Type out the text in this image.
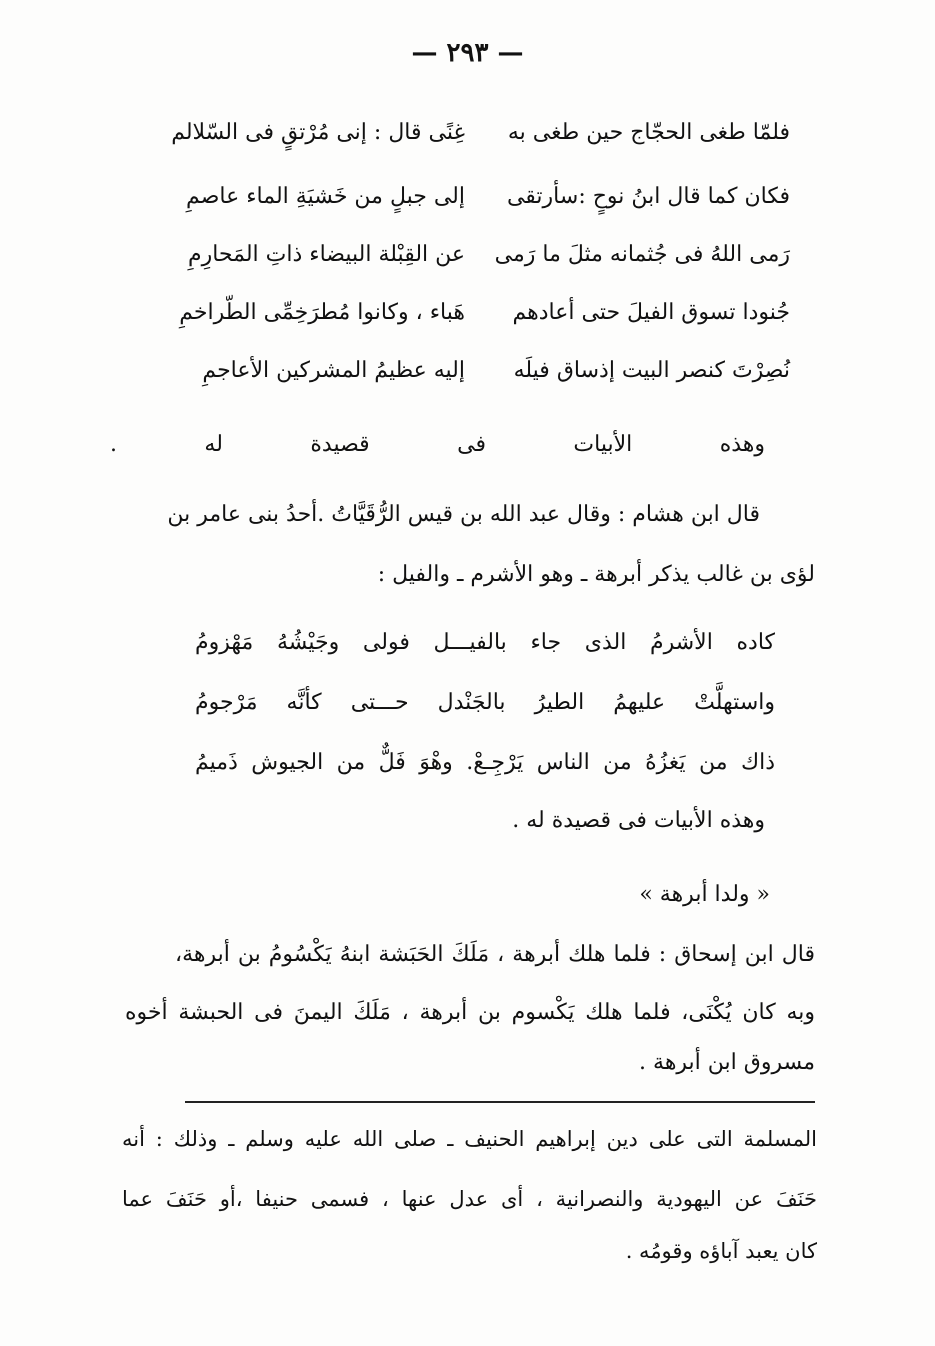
— ٢٩٣ —
فلمّا طغى الحجّاج حين طغى به
غِنًى قال : إنى مُرْتقٍ فى السّلالم
فكان كما قال ابنُ نوحٍ :سأرتقى
إلى جبلٍ من خَشيَةِ الماء عاصمِ
رَمى اللهُ فى جُثمانه مثلَ ما رَمى
عن القِبْلة البيضاء ذاتِ المَحارِمِ
جُنودا تسوق الفيلَ حتى أعادهم
هَباء ، وكانوا مُطرَخِمِّى الطّراخمِ
نُصِرْتَ كنصر البيت إذساق فيلَه
إليه عظيمُ المشركين الأعاجمِ
وهذه الأبيات فى قصيدة له .
قال ابن هشام : وقال عبد الله بن قيس الرُّقَيَّاتُ .أحدُ بنى عامر بن
لؤى بن غالب يذكر أبرهة ـ وهو الأشرم ـ والفيل :
كاده الأشرمُ الذى جاء بالفيـــل فولى وجَيْشُهُ مَهْزومُ
واستهلَّتْ عليهمُ الطيرُ بالجَنْدل حـــتى كأنَّه مَرْجومُ
ذاك من يَغزُهُ من الناس يَرْجِـعْ. وهْوَ فَلٌّ من الجيوش ذَميمُ
وهذه الأبيات فى قصيدة له .
« ولدا أبرهة »
قال ابن إسحاق : فلما هلك أبرهة ، مَلَكَ الحَبَشة ابنهُ يَكْسُومُ بن أبرهة،
وبه كان يُكْنَى، فلما هلك يَكْسوم بن أبرهة ، مَلَكَ اليمنَ فى الحبشة أخوه
مسروق ابن أبرهة .
المسلمة التى على دين إبراهيم الحنيف ـ صلى الله عليه وسلم ـ وذلك : أنه
حَنَفَ عن اليهودية والنصرانية ، أى عدل عنها ، فسمى حنيفا ،أو حَنَفَ عما
كان يعبد آباؤه وقومُه .
